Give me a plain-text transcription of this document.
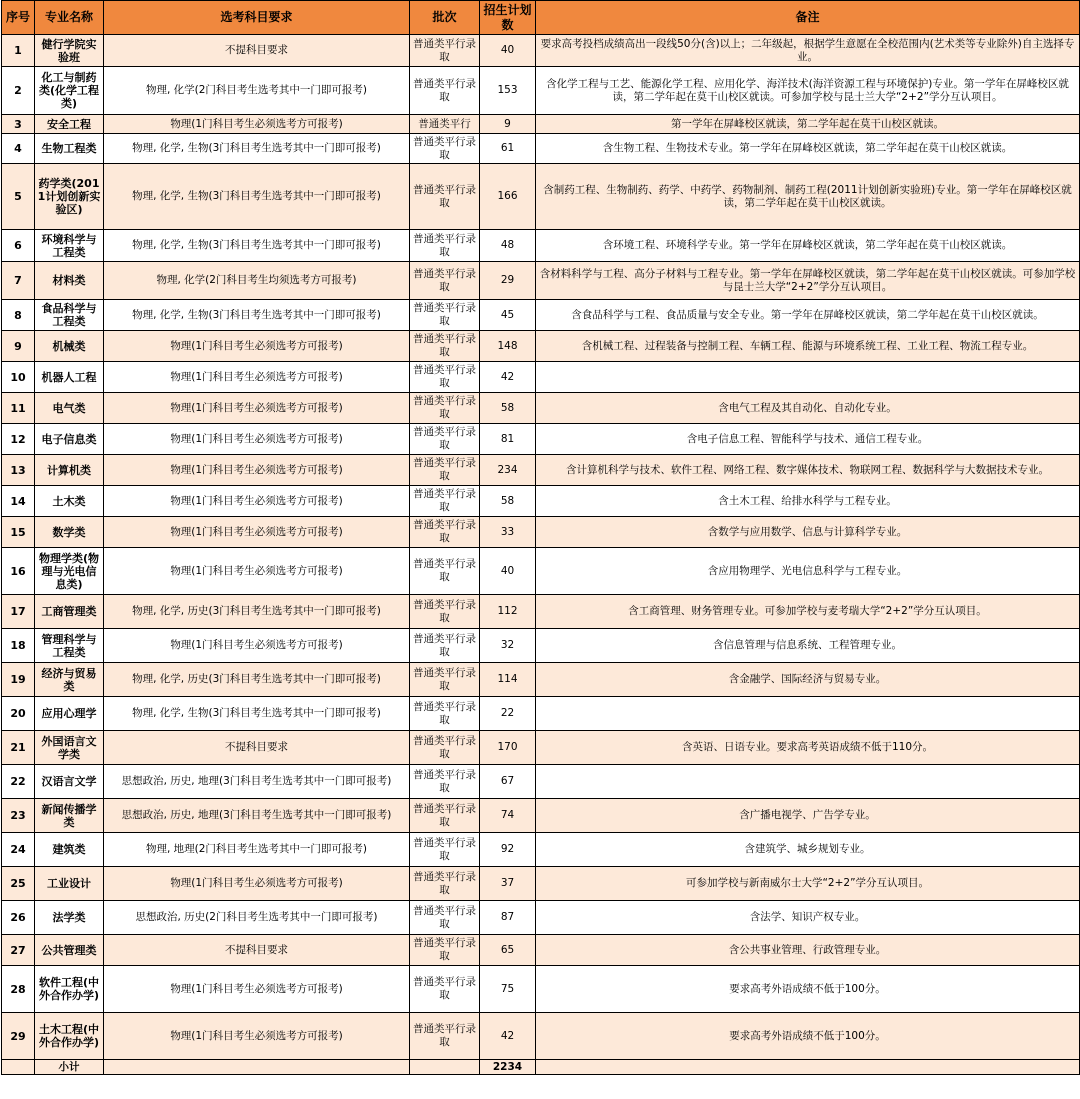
序号	专业名称	选考科目要求	批次	招生计划数	备注
1	健行学院实验班	不提科目要求	普通类平行录取	40	要求高考投档成绩高出一段线50分(含)以上；二年级起，根据学生意愿在全校范围内(艺术类等专业除外)自主选择专业。
2	化工与制药类(化学工程类)	物理, 化学(2门科目考生选考其中一门即可报考)	普通类平行录取	153	含化学工程与工艺、能源化学工程、应用化学、海洋技术(海洋资源工程与环境保护)专业。第一学年在屏峰校区就读，第二学年起在莫干山校区就读。可参加学校与昆士兰大学“2+2”学分互认项目。
3	安全工程	物理(1门科目考生必须选考方可报考)	普通类平行	9	第一学年在屏峰校区就读，第二学年起在莫干山校区就读。
4	生物工程类	物理, 化学, 生物(3门科目考生选考其中一门即可报考)	普通类平行录取	61	含生物工程、生物技术专业。第一学年在屏峰校区就读，第二学年起在莫干山校区就读。
5	药学类(2011计划创新实验区)	物理, 化学, 生物(3门科目考生选考其中一门即可报考)	普通类平行录取	166	含制药工程、生物制药、药学、中药学、药物制剂、制药工程(2011计划创新实验班)专业。第一学年在屏峰校区就读，第二学年起在莫干山校区就读。
6	环境科学与工程类	物理, 化学, 生物(3门科目考生选考其中一门即可报考)	普通类平行录取	48	含环境工程、环境科学专业。第一学年在屏峰校区就读，第二学年起在莫干山校区就读。
7	材料类	物理, 化学(2门科目考生均须选考方可报考)	普通类平行录取	29	含材料科学与工程、高分子材料与工程专业。第一学年在屏峰校区就读，第二学年起在莫干山校区就读。可参加学校与昆士兰大学“2+2”学分互认项目。
8	食品科学与工程类	物理, 化学, 生物(3门科目考生选考其中一门即可报考)	普通类平行录取	45	含食品科学与工程、食品质量与安全专业。第一学年在屏峰校区就读，第二学年起在莫干山校区就读。
9	机械类	物理(1门科目考生必须选考方可报考)	普通类平行录取	148	含机械工程、过程装备与控制工程、车辆工程、能源与环境系统工程、工业工程、物流工程专业。
10	机器人工程	物理(1门科目考生必须选考方可报考)	普通类平行录取	42	
11	电气类	物理(1门科目考生必须选考方可报考)	普通类平行录取	58	含电气工程及其自动化、自动化专业。
12	电子信息类	物理(1门科目考生必须选考方可报考)	普通类平行录取	81	含电子信息工程、智能科学与技术、通信工程专业。
13	计算机类	物理(1门科目考生必须选考方可报考)	普通类平行录取	234	含计算机科学与技术、软件工程、网络工程、数字媒体技术、物联网工程、数据科学与大数据技术专业。
14	土木类	物理(1门科目考生必须选考方可报考)	普通类平行录取	58	含土木工程、给排水科学与工程专业。
15	数学类	物理(1门科目考生必须选考方可报考)	普通类平行录取	33	含数学与应用数学、信息与计算科学专业。
16	物理学类(物理与光电信息类)	物理(1门科目考生必须选考方可报考)	普通类平行录取	40	含应用物理学、光电信息科学与工程专业。
17	工商管理类	物理, 化学, 历史(3门科目考生选考其中一门即可报考)	普通类平行录取	112	含工商管理、财务管理专业。可参加学校与麦考瑞大学“2+2”学分互认项目。
18	管理科学与工程类	物理(1门科目考生必须选考方可报考)	普通类平行录取	32	含信息管理与信息系统、工程管理专业。
19	经济与贸易类	物理, 化学, 历史(3门科目考生选考其中一门即可报考)	普通类平行录取	114	含金融学、国际经济与贸易专业。
20	应用心理学	物理, 化学, 生物(3门科目考生选考其中一门即可报考)	普通类平行录取	22	
21	外国语言文学类	不提科目要求	普通类平行录取	170	含英语、日语专业。要求高考英语成绩不低于110分。
22	汉语言文学	思想政治, 历史, 地理(3门科目考生选考其中一门即可报考)	普通类平行录取	67	
23	新闻传播学类	思想政治, 历史, 地理(3门科目考生选考其中一门即可报考)	普通类平行录取	74	含广播电视学、广告学专业。
24	建筑类	物理, 地理(2门科目考生选考其中一门即可报考)	普通类平行录取	92	含建筑学、城乡规划专业。
25	工业设计	物理(1门科目考生必须选考方可报考)	普通类平行录取	37	可参加学校与新南威尔士大学“2+2”学分互认项目。
26	法学类	思想政治, 历史(2门科目考生选考其中一门即可报考)	普通类平行录取	87	含法学、知识产权专业。
27	公共管理类	不提科目要求	普通类平行录取	65	含公共事业管理、行政管理专业。
28	软件工程(中外合作办学)	物理(1门科目考生必须选考方可报考)	普通类平行录取	75	要求高考外语成绩不低于100分。
29	土木工程(中外合作办学)	物理(1门科目考生必须选考方可报考)	普通类平行录取	42	要求高考外语成绩不低于100分。
	小计			2234	
